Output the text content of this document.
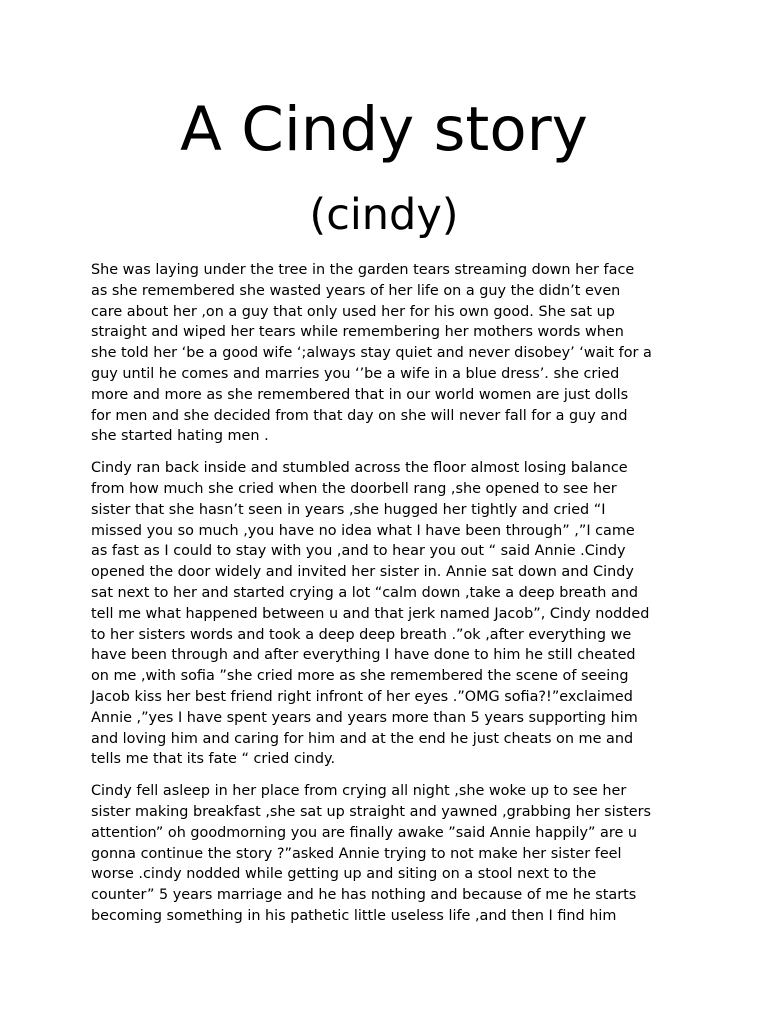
A Cindy story
(cindy)

She was laying under the tree in the garden tears streaming down her face
as she remembered she wasted years of her life on a guy the didn’t even
care about her ,on a guy that only used her for his own good. She sat up
straight and wiped her tears while remembering her mothers words when
she told her ‘be a good wife ‘;always stay quiet and never disobey’ ‘wait for a
guy until he comes and marries you ‘’be a wife in a blue dress’. she cried
more and more as she remembered that in our world women are just dolls
for men and she decided from that day on she will never fall for a guy and
she started hating men .

Cindy ran back inside and stumbled across the floor almost losing balance
from how much she cried when the doorbell rang ,she opened to see her
sister that she hasn’t seen in years ,she hugged her tightly and cried “I
missed you so much ,you have no idea what I have been through” ,”I came
as fast as I could to stay with you ,and to hear you out “ said Annie .Cindy
opened the door widely and invited her sister in. Annie sat down and Cindy
sat next to her and started crying a lot “calm down ,take a deep breath and
tell me what happened between u and that jerk named Jacob”, Cindy nodded
to her sisters words and took a deep deep breath .”ok ,after everything we
have been through and after everything I have done to him he still cheated
on me ,with sofia ”she cried more as she remembered the scene of seeing
Jacob kiss her best friend right infront of her eyes .”OMG sofia?!”exclaimed
Annie ,”yes I have spent years and years more than 5 years supporting him
and loving him and caring for him and at the end he just cheats on me and
tells me that its fate “ cried cindy.

Cindy fell asleep in her place from crying all night ,she woke up to see her
sister making breakfast ,she sat up straight and yawned ,grabbing her sisters
attention” oh goodmorning you are finally awake ”said Annie happily” are u
gonna continue the story ?”asked Annie trying to not make her sister feel
worse .cindy nodded while getting up and siting on a stool next to the
counter” 5 years marriage and he has nothing and because of me he starts
becoming something in his pathetic little useless life ,and then I find him
